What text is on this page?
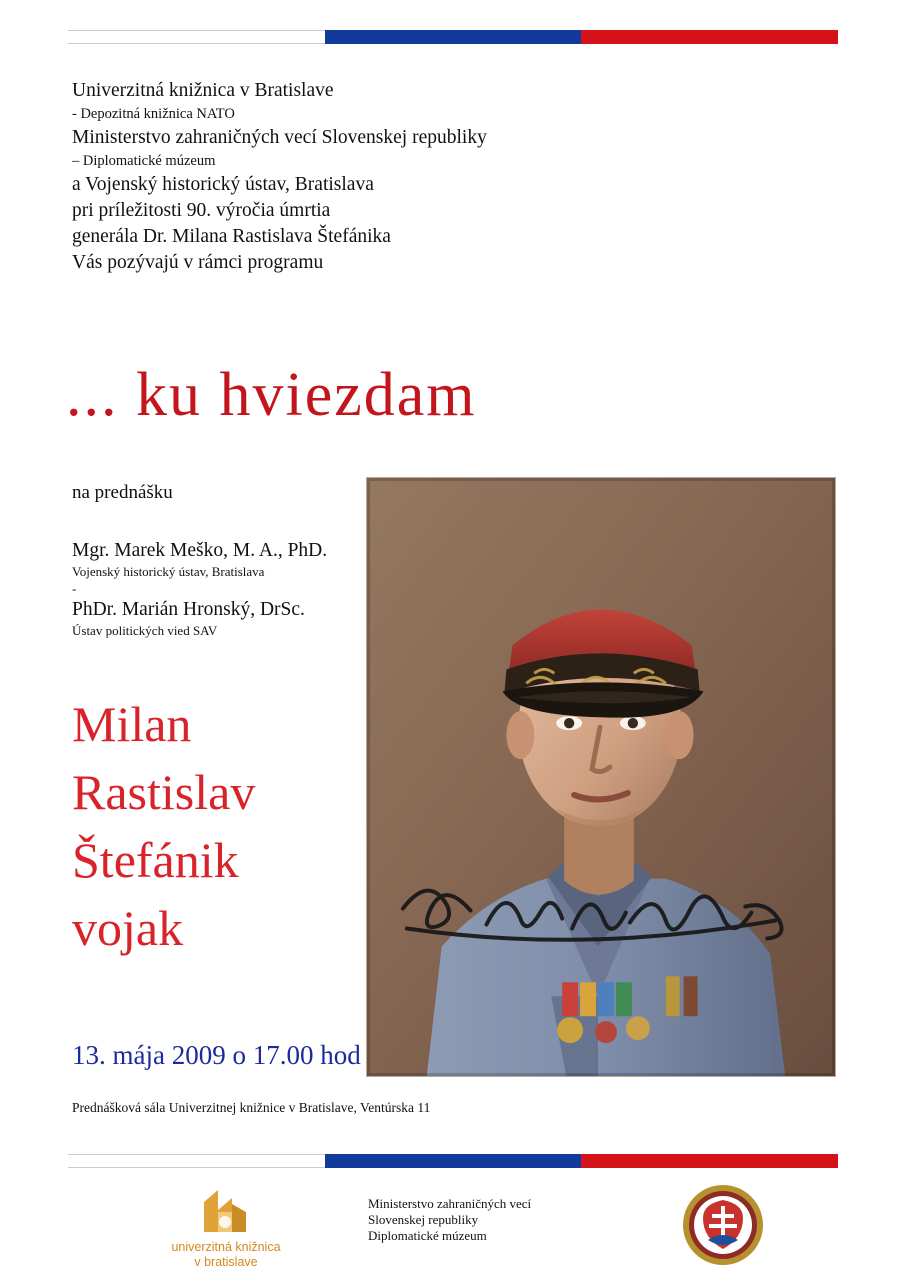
Univerzitná knižnica v Bratislave
- Depozitná knižnica NATO
Ministerstvo zahraničných vecí Slovenskej republiky
– Diplomatické múzeum
a Vojenský historický ústav, Bratislava
pri príležitosti 90. výročia úmrtia
generála Dr. Milana Rastislava Štefánika
Vás pozývajú v rámci programu
... ku hviezdam
na prednášku
Mgr. Marek Meško, M. A., PhD.
Vojenský historický ústav, Bratislava
-
PhDr. Marián Hronský, DrSc.
Ústav politických vied SAV
Milan
Rastislav
Štefánik
vojak
13. mája 2009 o 17.00 hod
Prednášková sála Univerzitnej knižnice v Bratislave, Ventúrska 11
univerzitná knižnica
v bratislave
Ministerstvo zahraničných vecí
Slovenskej republiky
Diplomatické múzeum
